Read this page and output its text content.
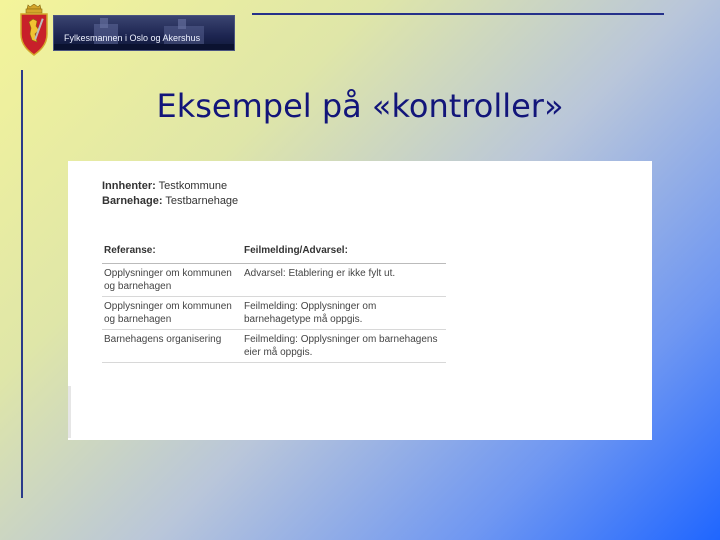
Fylkesmannen i Oslo og Akershus
Eksempel på «kontroller»
Innhenter: Testkommune
Barnehage: Testbarnehage
Referanse:	Feilmelding/Advarsel:
Opplysninger om kommunen og barnehagen	Advarsel: Etablering er ikke fylt ut.
Opplysninger om kommunen og barnehagen	Feilmelding: Opplysninger om barnehagetype må oppgis.
Barnehagens organisering	Feilmelding: Opplysninger om barnehagens eier må oppgis.
